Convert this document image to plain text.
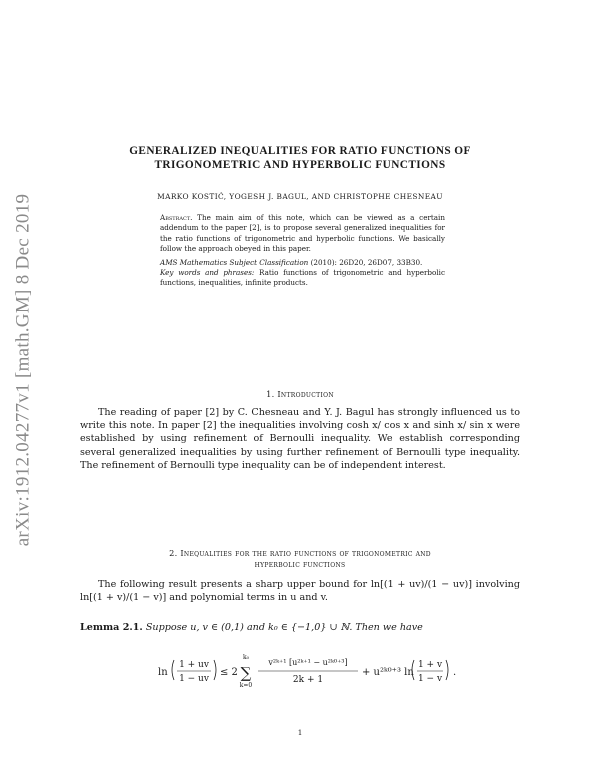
arXiv:1912.04277v1 [math.GM] 8 Dec 2019
GENERALIZED INEQUALITIES FOR RATIO FUNCTIONS OF
TRIGONOMETRIC AND HYPERBOLIC FUNCTIONS
MARKO KOSTIĆ, YOGESH J. BAGUL, AND CHRISTOPHE CHESNEAU

Abstract. The main aim of this note, which can be viewed as a certain addendum to the paper [2], is to propose several generalized inequalities for the ratio functions of trigonometric and hyperbolic functions. We basically follow the approach obeyed in this paper.

AMS Mathematics Subject Classification (2010): 26D20, 26D07, 33B30.

Key words and phrases: Ratio functions of trigonometric and hyperbolic functions, inequalities, infinite products.

1. Introduction

The reading of paper [2] by C. Chesneau and Y. J. Bagul has strongly influenced us to write this note. In paper [2] the inequalities involving cosh x/ cos x and sinh x/ sin x were established by using refinement of Bernoulli inequality. We establish corresponding several generalized inequalities by using further refinement of Bernoulli type inequality. The refinement of Bernoulli type inequality can be of independent interest.

2. Inequalities for the ratio functions of trigonometric and
hyperbolic functions

The following result presents a sharp upper bound for ln[(1 + uv)/(1 − uv)] involving ln[(1 + v)/(1 − v)] and polynomial terms in u and v.

Lemma 2.1. Suppose u, v ∈ (0,1) and k₀ ∈ {−1,0} ∪ ℕ. Then we have
ln
1 + uv
1 − uv
≤ 2
k₀
∑
k=0
v²ᵏ⁺¹ [u²ᵏ⁺¹ − u²ᵏ⁰⁺³]
2k + 1
+ u²ᵏ⁰⁺³ ln
1 + v
1 − v
.
1
